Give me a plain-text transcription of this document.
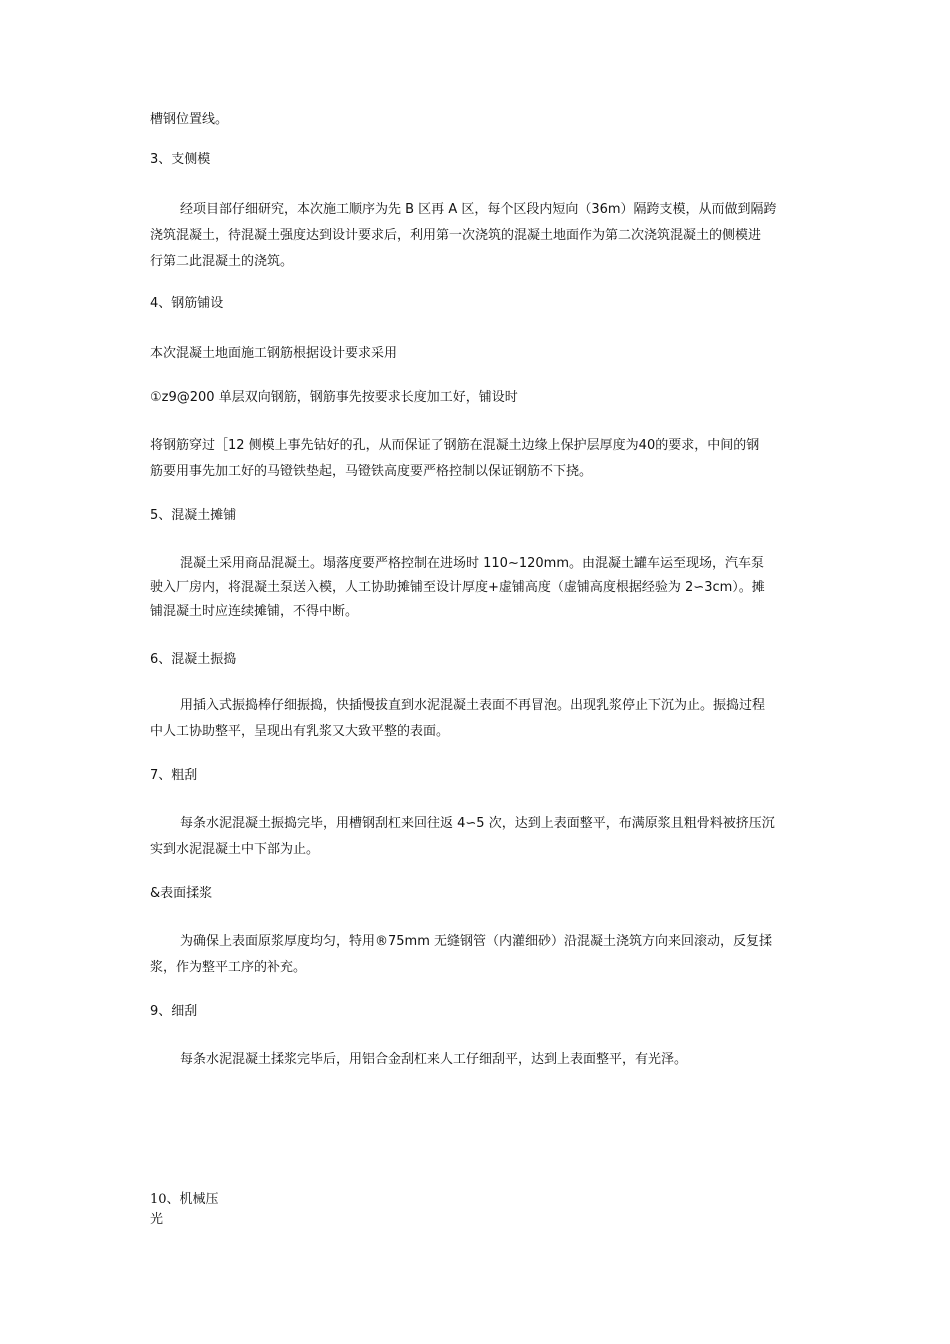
槽钢位置线。

3、支侧模

经项目部仔细研究，本次施工顺序为先 B 区再 A 区，每个区段内短向（36m）隔跨支模，从而做到隔跨

浇筑混凝土，待混凝土强度达到设计要求后，利用第一次浇筑的混凝土地面作为第二次浇筑混凝土的侧模进

行第二此混凝土的浇筑。

4、钢筋铺设

本次混凝土地面施工钢筋根据设计要求采用

①z9@200 单层双向钢筋，钢筋事先按要求长度加工好，铺设时

将钢筋穿过［12 侧模上事先钻好的孔，从而保证了钢筋在混凝土边缘上保护层厚度为40的要求，中间的钢

筋要用事先加工好的马镫铁垫起，马镫铁高度要严格控制以保证钢筋不下挠。

5、混凝土摊铺

混凝土采用商品混凝土。塌落度要严格控制在进场时 110~120mm。由混凝土罐车运至现场，汽车泵

驶入厂房内，将混凝土泵送入模，人工协助摊铺至设计厚度+虚铺高度（虚铺高度根据经验为 2∽3cm）。摊

铺混凝土时应连续摊铺，不得中断。

6、混凝土振捣

用插入式振捣棒仔细振捣，快插慢拔直到水泥混凝土表面不再冒泡。出现乳浆停止下沉为止。振捣过程

中人工协助整平，呈现出有乳浆又大致平整的表面。

7、粗刮

每条水泥混凝土振捣完毕，用槽钢刮杠来回往返 4∽5 次，达到上表面整平，布满原浆且粗骨料被挤压沉

实到水泥混凝土中下部为止。

&表面揉浆

为确保上表面原浆厚度均匀，特用®75mm 无缝钢管（内灌细砂）沿混凝土浇筑方向来回滚动，反复揉

浆，作为整平工序的补充。

9、细刮

每条水泥混凝土揉浆完毕后，用铝合金刮杠来人工仔细刮平，达到上表面整平，有光泽。

10、机械压

光
